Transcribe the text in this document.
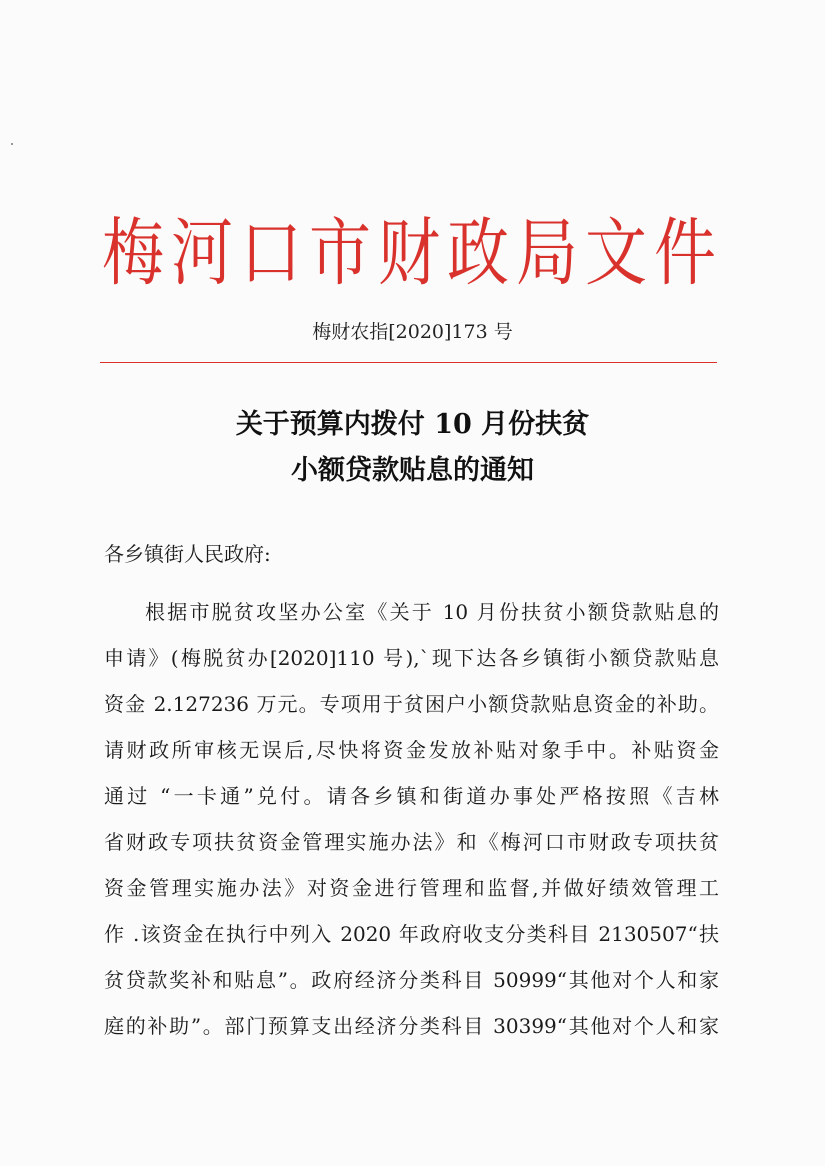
梅河口市财政局文件
梅财农指[2020]173 号
关于预算内拨付 10 月份扶贫
小额贷款贴息的通知
各乡镇街人民政府:
根据市脱贫攻坚办公室《关于 10 月份扶贫小额贷款贴息的
申请》(梅脱贫办[2020]110 号),`现下达各乡镇街小额贷款贴息
资金 2.127236 万元。专项用于贫困户小额贷款贴息资金的补助。
请财政所审核无误后,尽快将资金发放补贴对象手中。补贴资金
通过 “一卡通”兑付。请各乡镇和街道办事处严格按照《吉林
省财政专项扶贫资金管理实施办法》和《梅河口市财政专项扶贫
资金管理实施办法》对资金进行管理和监督,并做好绩效管理工
作 .该资金在执行中列入 2020 年政府收支分类科目 2130507“扶
贫贷款奖补和贴息”。政府经济分类科目 50999“其他对个人和家
庭的补助”。部门预算支出经济分类科目 30399“其他对个人和家
